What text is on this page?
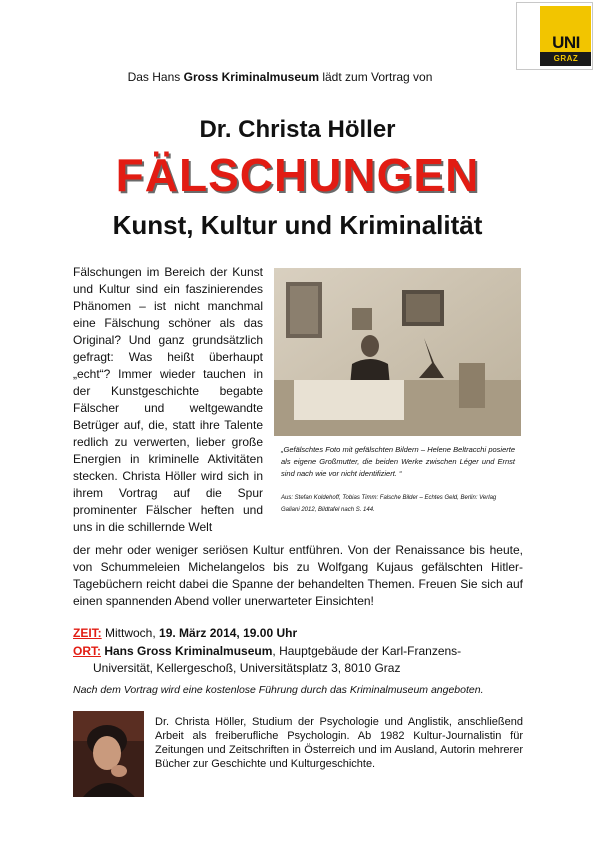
UNI
GRAZ
Das Hans Gross Kriminalmuseum lädt zum Vortrag von
Dr. Christa Höller
FÄLSCHUNGEN
Kunst, Kultur und Kriminalität
Fälschungen im Bereich der Kunst und Kultur sind ein faszinierendes Phänomen – ist nicht manchmal eine Fälschung schöner als das Original? Und ganz grundsätzlich gefragt: Was heißt überhaupt „echt“? Immer wieder tauchen in der Kunstgeschichte begabte Fälscher und weltgewandte Betrüger auf, die, statt ihre Talente redlich zu verwerten, lieber große Energien in kriminelle Aktivitäten stecken. Christa Höller wird sich in ihrem Vortrag auf die Spur prominenter Fälscher heften und uns in die schillernde Welt
„Gefälschtes Foto mit gefälschten Bildern – Helene Beltracchi posierte als eigene Großmutter, die beiden Werke zwischen Léger und Ernst sind nach wie vor nicht identifiziert. “
Aus: Stefan Koldehoff, Tobias Timm: Falsche Bilder – Echtes Geld, Berlin: Verlag Galiani 2012, Bildtafel nach S. 144.
der mehr oder weniger seriösen Kultur entführen. Von der Renaissance bis heute, von Schummeleien Michelangelos bis zu Wolfgang Kujaus gefälschten Hitler-Tagebüchern reicht dabei die Spanne der behandelten Themen. Freuen Sie sich auf einen spannenden Abend voller unerwarteter Einsichten!
ZEIT: Mittwoch, 19. März 2014, 19.00 Uhr
ORT: Hans Gross Kriminalmuseum, Hauptgebäude der Karl-Franzens-
Universität, Kellergeschoß, Universitätsplatz 3, 8010 Graz
Nach dem Vortrag wird eine kostenlose Führung durch das Kriminalmuseum angeboten.
Dr. Christa Höller, Studium der Psychologie und Anglistik, anschließend Arbeit als freiberufliche Psychologin. Ab 1982 Kultur-Journalistin für Zeitungen und Zeitschriften in Österreich und im Ausland, Autorin mehrerer Bücher zur Geschichte und Kulturgeschichte.
